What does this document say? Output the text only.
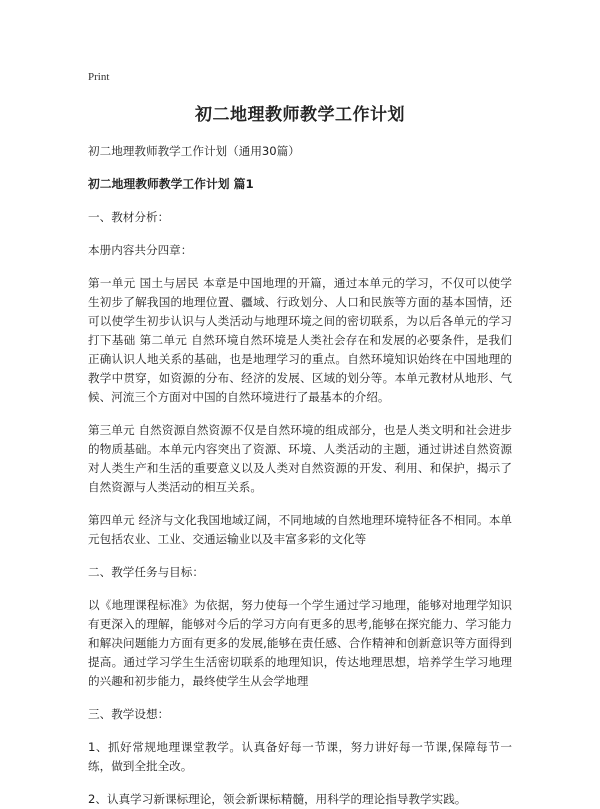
Print
初二地理教师教学工作计划

初二地理教师教学工作计划（通用30篇）

初二地理教师教学工作计划 篇1

一、教材分析：

本册内容共分四章：

第一单元 国土与居民 本章是中国地理的开篇，通过本单元的学习，不仅可以使学生初步了解我国的地理位置、疆域、行政划分、人口和民族等方面的基本国情，还可以使学生初步认识与人类活动与地理环境之间的密切联系，为以后各单元的学习打下基础 第二单元 自然环境自然环境是人类社会存在和发展的必要条件，是我们正确认识人地关系的基础，也是地理学习的重点。自然环境知识始终在中国地理的教学中贯穿，如资源的分布、经济的发展、区域的划分等。本单元教材从地形、气候、河流三个方面对中国的自然环境进行了最基本的介绍。

第三单元 自然资源自然资源不仅是自然环境的组成部分，也是人类文明和社会进步的物质基础。本单元内容突出了资源、环境、人类活动的主题，通过讲述自然资源对人类生产和生活的重要意义以及人类对自然资源的开发、利用、和保护，揭示了自然资源与人类活动的相互关系。

第四单元 经济与文化我国地域辽阔，不同地域的自然地理环境特征各不相同。本单元包括农业、工业、交通运输业以及丰富多彩的文化等

二、教学任务与目标：

以《地理课程标准》为依据，努力使每一个学生通过学习地理，能够对地理学知识有更深入的理解，能够对今后的学习方向有更多的思考,能够在探究能力、学习能力和解决问题能力方面有更多的发展,能够在责任感、合作精神和创新意识等方面得到提高。通过学习学生生活密切联系的地理知识，传达地理思想，培养学生学习地理的兴趣和初步能力，最终使学生从会学地理

三、教学设想：

1、抓好常规地理课堂教学。认真备好每一节课，努力讲好每一节课,保障每节一练，做到全批全改。

2、认真学习新课标理论，领会新课标精髓，用科学的理论指导教学实践。
